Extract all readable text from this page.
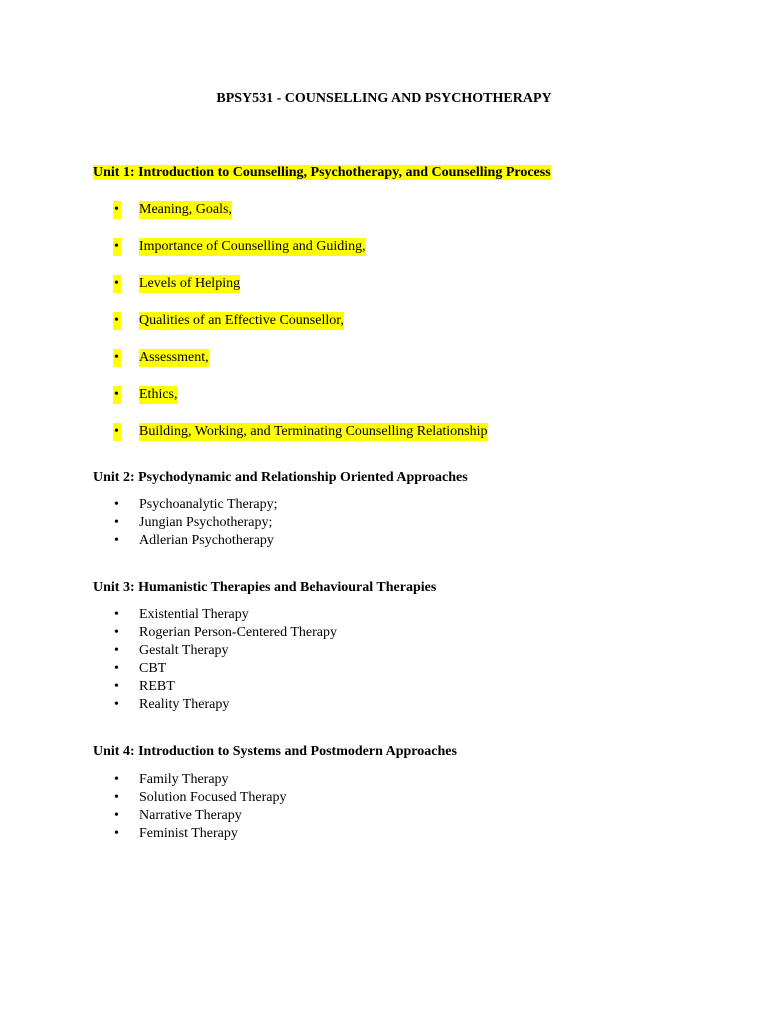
BPSY531 - COUNSELLING AND PSYCHOTHERAPY

Unit 1: Introduction to Counselling, Psychotherapy, and Counselling Process

• Meaning, Goals,
• Importance of Counselling and Guiding,
• Levels of Helping
• Qualities of an Effective Counsellor,
• Assessment,
• Ethics,
• Building, Working, and Terminating Counselling Relationship

Unit 2: Psychodynamic and Relationship Oriented Approaches

• Psychoanalytic Therapy;
• Jungian Psychotherapy;
• Adlerian Psychotherapy

Unit 3: Humanistic Therapies and Behavioural Therapies

• Existential Therapy
• Rogerian Person-Centered Therapy
• Gestalt Therapy
• CBT
• REBT
• Reality Therapy

Unit 4: Introduction to Systems and Postmodern Approaches

• Family Therapy
• Solution Focused Therapy
• Narrative Therapy
• Feminist Therapy
